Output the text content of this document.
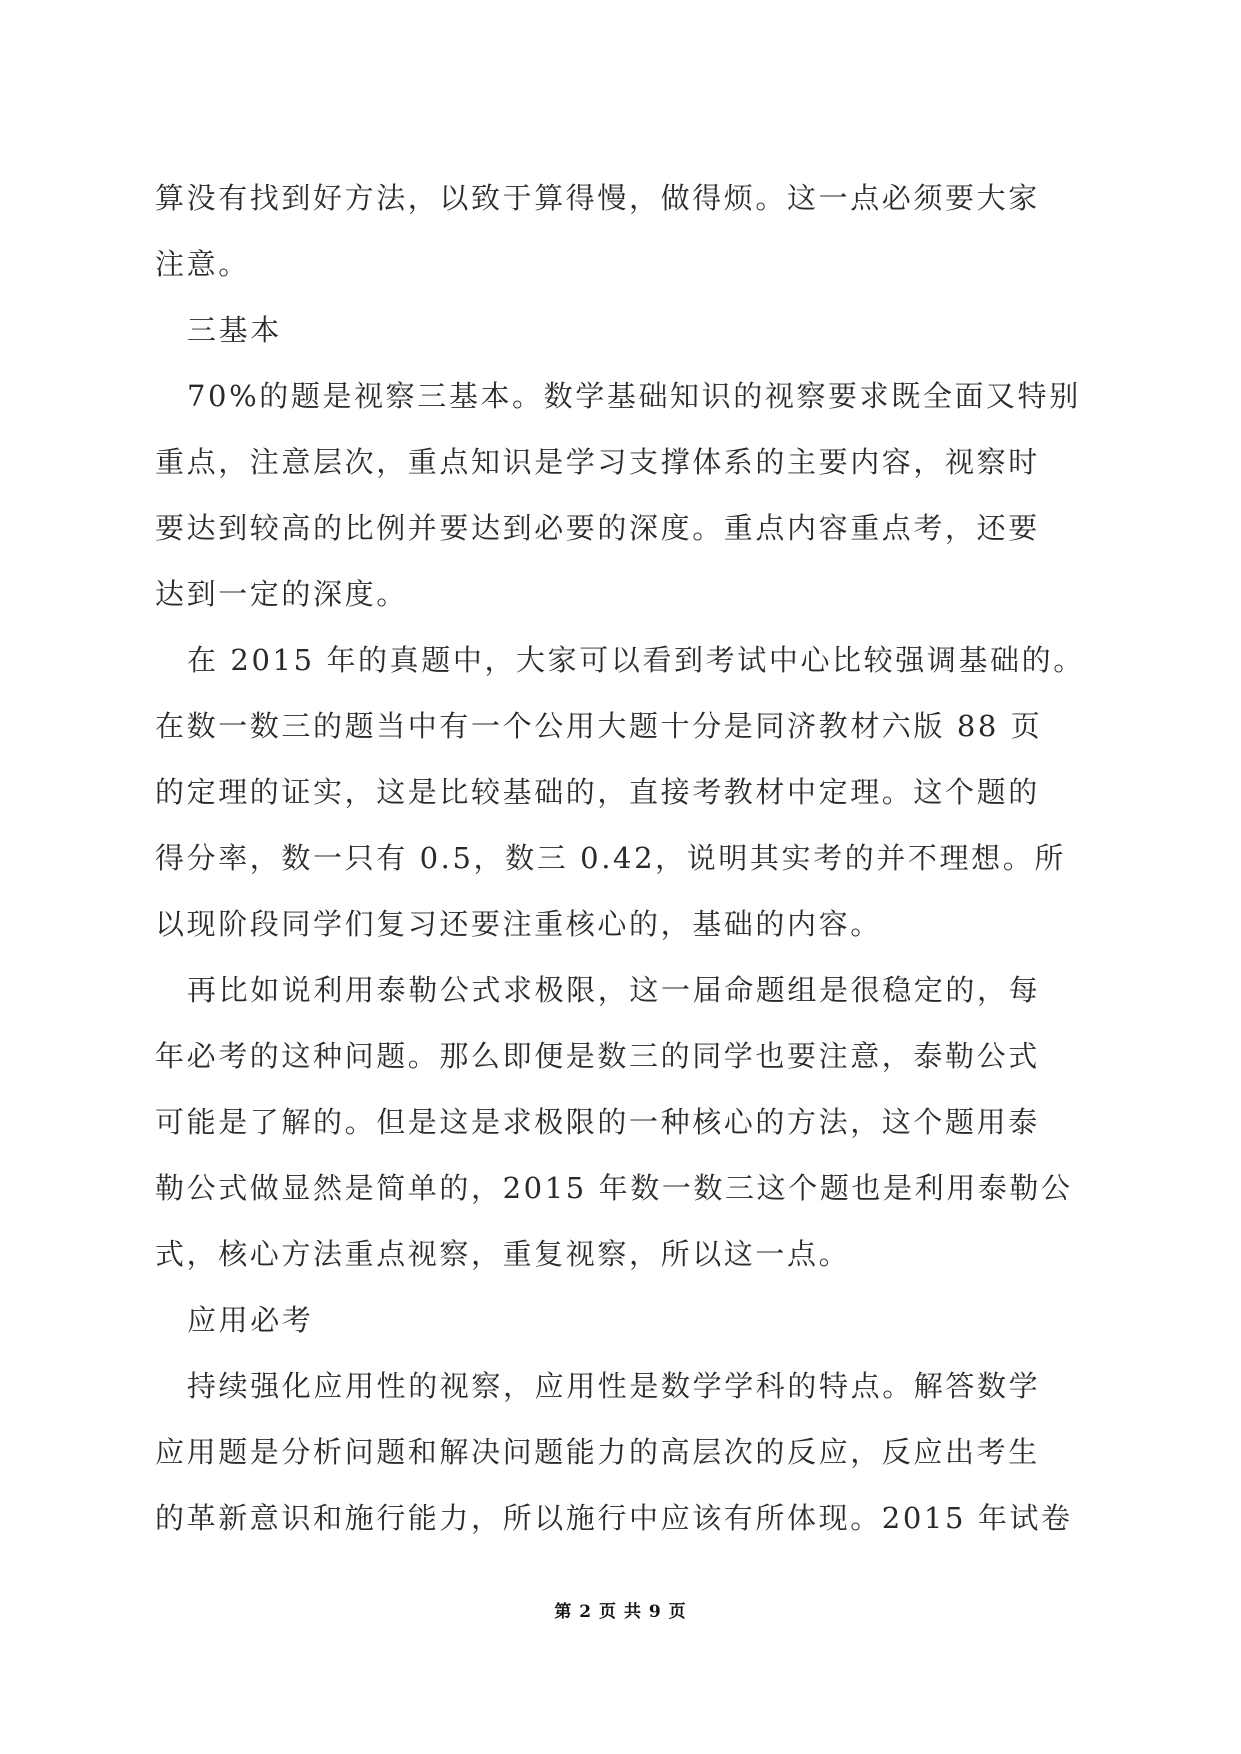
算没有找到好方法，以致于算得慢，做得烦。这一点必须要大家
注意。
三基本
70%的题是视察三基本。数学基础知识的视察要求既全面又特别
重点，注意层次，重点知识是学习支撑体系的主要内容，视察时
要达到较高的比例并要达到必要的深度。重点内容重点考，还要
达到一定的深度。
在 2015 年的真题中，大家可以看到考试中心比较强调基础的。
在数一数三的题当中有一个公用大题十分是同济教材六版 88 页
的定理的证实，这是比较基础的，直接考教材中定理。这个题的
得分率，数一只有 0.5，数三 0.42，说明其实考的并不理想。所
以现阶段同学们复习还要注重核心的，基础的内容。
再比如说利用泰勒公式求极限，这一届命题组是很稳定的，每
年必考的这种问题。那么即便是数三的同学也要注意，泰勒公式
可能是了解的。但是这是求极限的一种核心的方法，这个题用泰
勒公式做显然是简单的，2015 年数一数三这个题也是利用泰勒公
式，核心方法重点视察，重复视察，所以这一点。
应用必考
持续强化应用性的视察，应用性是数学学科的特点。解答数学
应用题是分析问题和解决问题能力的高层次的反应，反应出考生
的革新意识和施行能力，所以施行中应该有所体现。2015 年试卷
第 2 页 共 9 页
